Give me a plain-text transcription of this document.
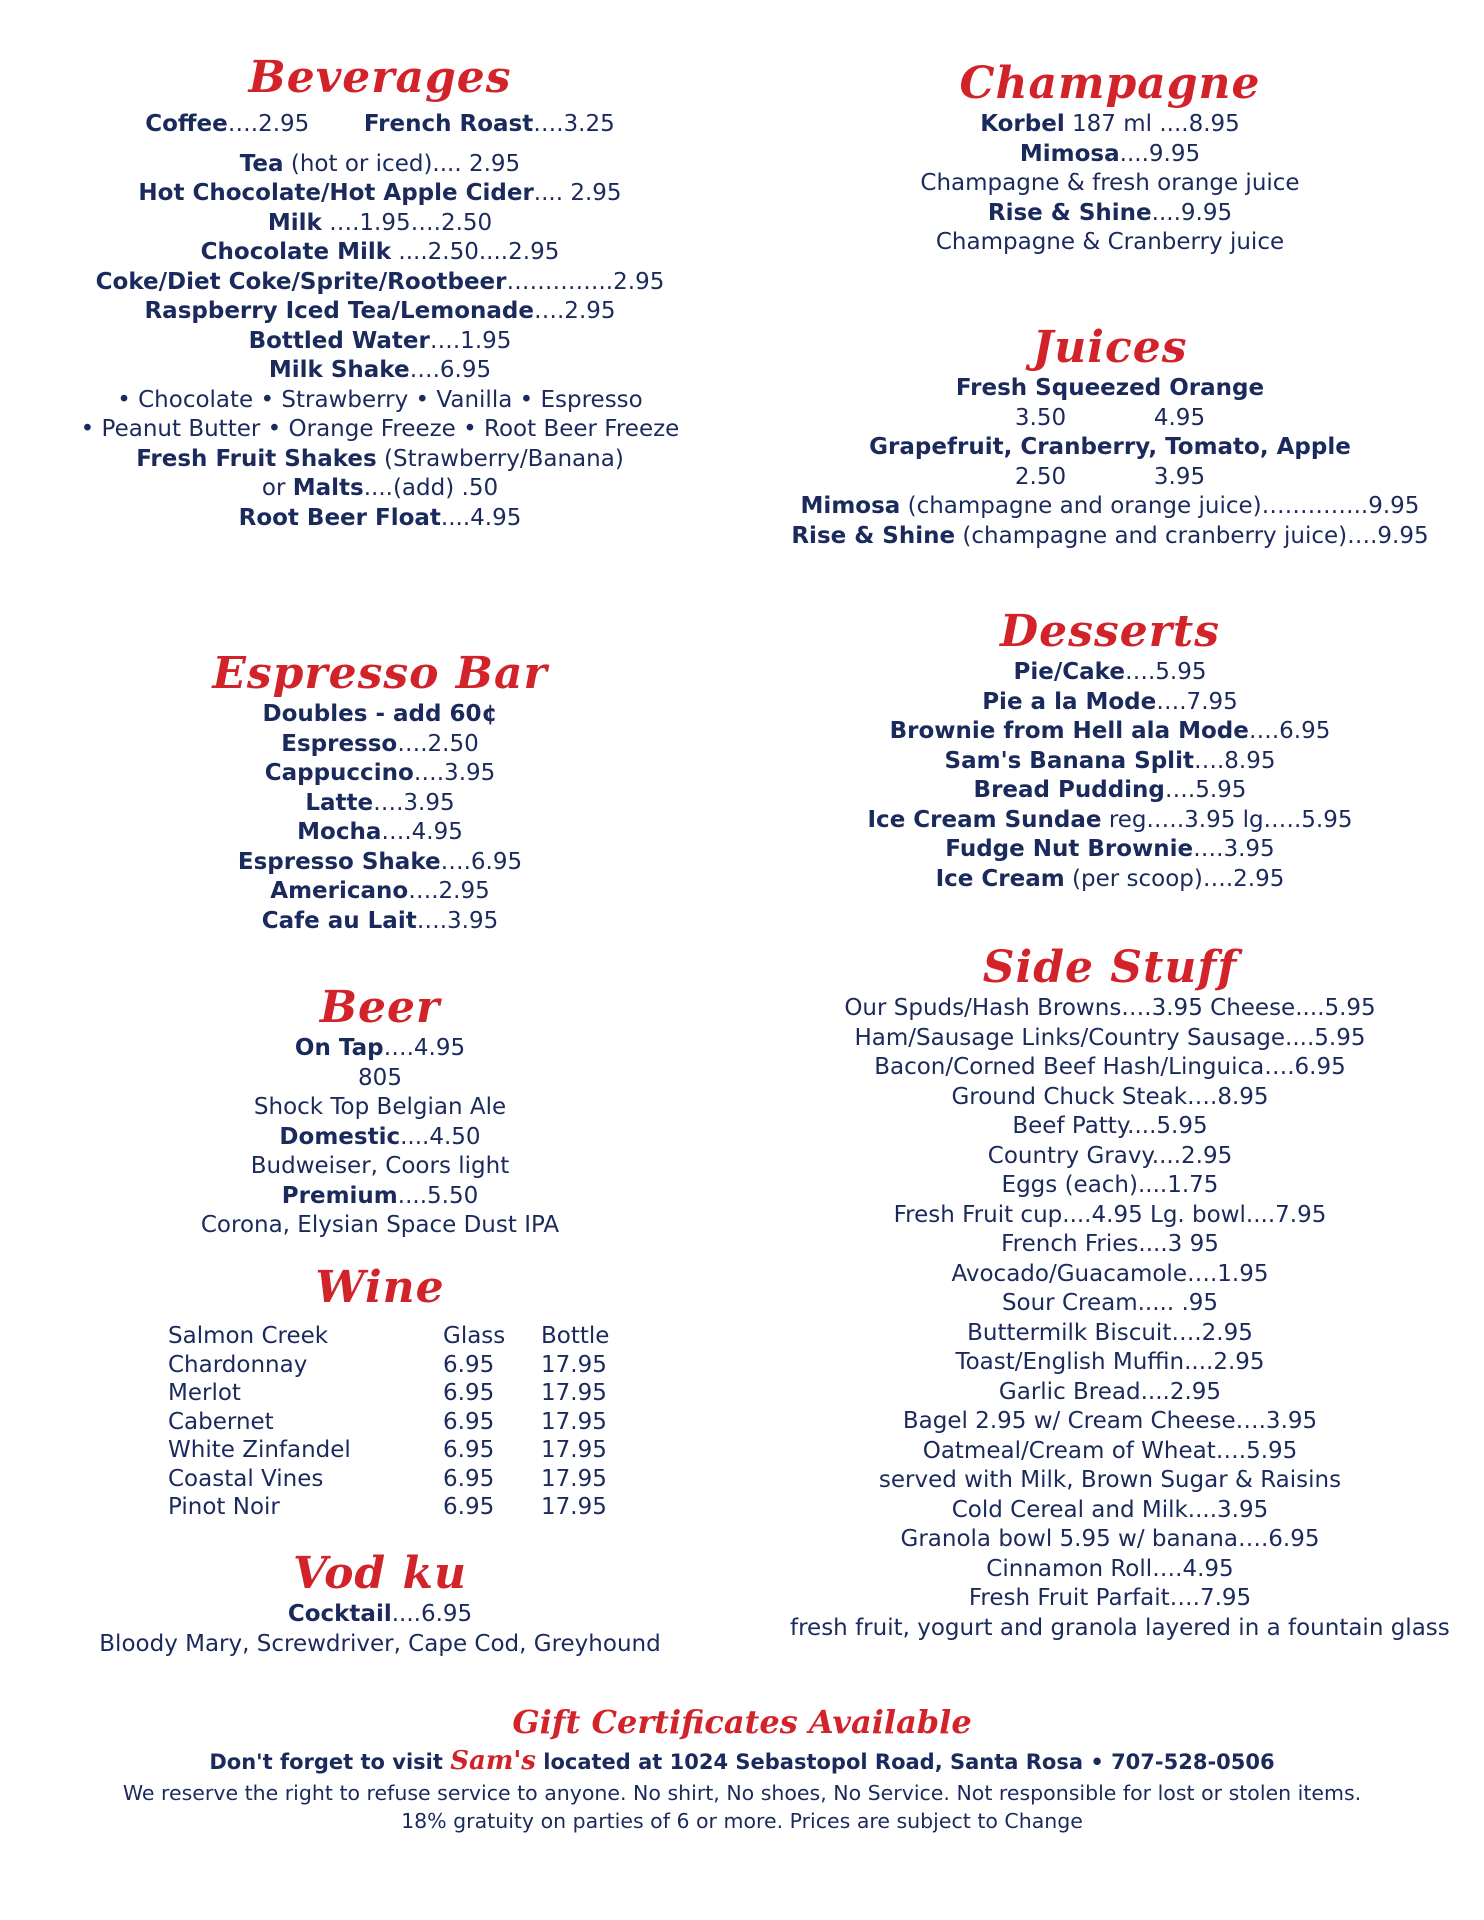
Beverages
Coffee….2.95 French Roast….3.25
Tea (hot or iced).... 2.95
Hot Chocolate/Hot Apple Cider.... 2.95
Milk ….1.95….2.50
Chocolate Milk ....2.50....2.95
Coke/Diet Coke/Sprite/Rootbeer…………..2.95
Raspberry Iced Tea/Lemonade….2.95
Bottled Water….1.95
Milk Shake….6.95
• Chocolate • Strawberry • Vanilla • Espresso
• Peanut Butter • Orange Freeze • Root Beer Freeze
Fresh Fruit Shakes (Strawberry/Banana)
or Malts....(add) .50
Root Beer Float....4.95
Espresso Bar
Doubles - add 60¢
Espresso….2.50
Cappuccino….3.95
Latte….3.95
Mocha….4.95
Espresso Shake….6.95
Americano….2.95
Cafe au Lait….3.95
Beer
On Tap….4.95
805
Shock Top Belgian Ale
Domestic....4.50
Budweiser, Coors light
Premium....5.50
Corona, Elysian Space Dust IPA
Wine
Salmon Creek	Glass	Bottle
Chardonnay	6.95	17.95
Merlot	6.95	17.95
Cabernet	6.95	17.95
White Zinfandel	6.95	17.95
Coastal Vines	6.95	17.95
Pinot Noir	6.95	17.95
Vod ku
Cocktail....6.95
Bloody Mary, Screwdriver, Cape Cod, Greyhound
Champagne
Korbel 187 ml ....8.95
Mimosa....9.95
Champagne & fresh orange juice
Rise & Shine....9.95
Champagne & Cranberry juice
Juices
Fresh Squeezed Orange
3.50            4.95
Grapefruit, Cranberry, Tomato, Apple
2.50            3.95
Mimosa (champagne and orange juice)…………..9.95
Rise & Shine (champagne and cranberry juice)….9.95
Desserts
Pie/Cake….5.95
Pie a la Mode….7.95
Brownie from Hell ala Mode….6.95
Sam's Banana Split….8.95
Bread Pudding….5.95
Ice Cream Sundae reg.….3.95 lg.….5.95
Fudge Nut Brownie….3.95
Ice Cream (per scoop)….2.95
Side Stuff
Our Spuds/Hash Browns….3.95 Cheese....5.95
Ham/Sausage Links/Country Sausage....5.95
Bacon/Corned Beef Hash/Linguica….6.95
Ground Chuck Steak….8.95
Beef Patty....5.95
Country Gravy....2.95
Eggs (each)....1.75
Fresh Fruit cup....4.95 Lg. bowl....7.95
French Fries....3 95
Avocado/Guacamole….1.95
Sour Cream..... .95
Buttermilk Biscuit….2.95
Toast/English Muffin....2.95
Garlic Bread....2.95
Bagel 2.95 w/ Cream Cheese….3.95
Oatmeal/Cream of Wheat….5.95
served with Milk, Brown Sugar & Raisins
Cold Cereal and Milk....3.95
Granola bowl 5.95 w/ banana….6.95
Cinnamon Roll….4.95
Fresh Fruit Parfait….7.95
fresh fruit, yogurt and granola layered in a fountain glass
Gift Certificates Available
Don't forget to visit Sam's located at 1024 Sebastopol Road, Santa Rosa • 707-528-0506
We reserve the right to refuse service to anyone. No shirt, No shoes, No Service. Not responsible for lost or stolen items.
18% gratuity on parties of 6 or more. Prices are subject to Change
